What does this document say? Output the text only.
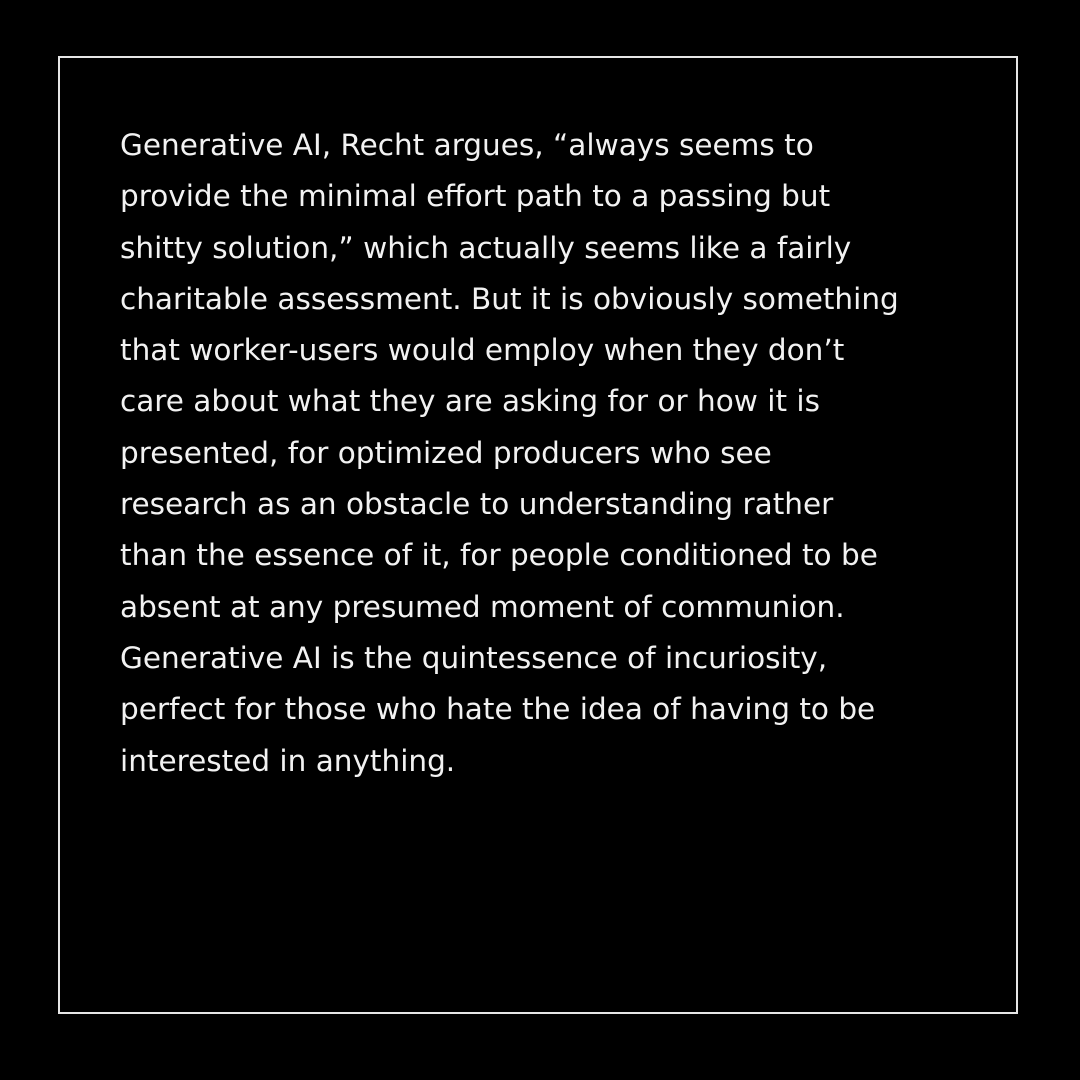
Generative AI, Recht argues, “always seems to
provide the minimal effort path to a passing but
shitty solution,” which actually seems like a fairly
charitable assessment. But it is obviously something
that worker-users would employ when they don’t
care about what they are asking for or how it is
presented, for optimized producers who see
research as an obstacle to understanding rather
than the essence of it, for people conditioned to be
absent at any presumed moment of communion.
Generative AI is the quintessence of incuriosity,
perfect for those who hate the idea of having to be
interested in anything.
